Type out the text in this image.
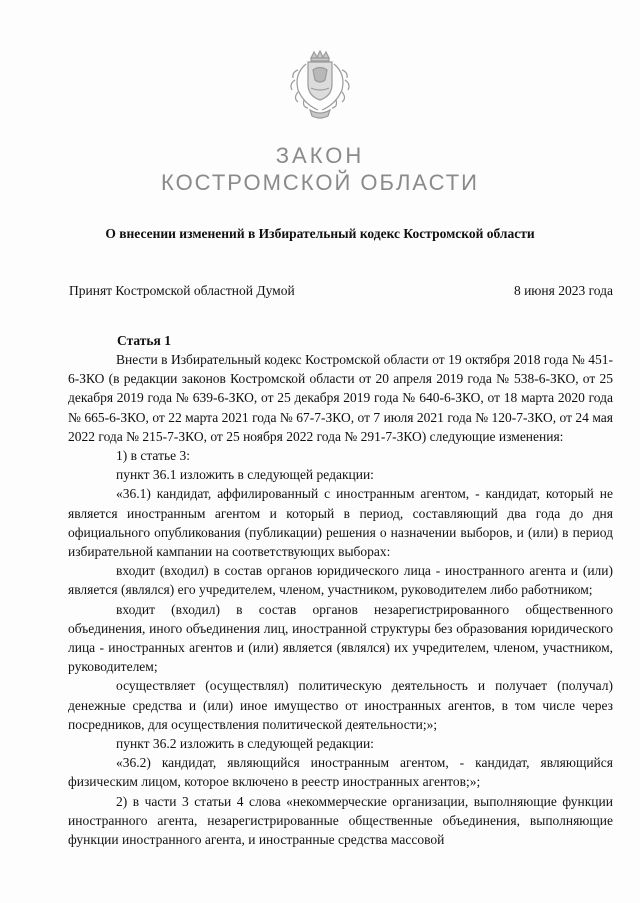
ЗАКОН
КОСТРОМСКОЙ ОБЛАСТИ
О внесении изменений в Избирательный кодекс Костромской области
Принят Костромской областной Думой	8 июня 2023 года
Статья 1

Внести в Избирательный кодекс Костромской области от 19 октября 2018 года № 451-6-ЗКО (в редакции законов Костромской области от 20 апреля 2019 года № 538-6-ЗКО, от 25 декабря 2019 года № 639-6-ЗКО, от 25 декабря 2019 года № 640-6-ЗКО, от 18 марта 2020 года № 665-6-ЗКО, от 22 марта 2021 года № 67-7-ЗКО, от 7 июля 2021 года № 120-7-ЗКО, от 24 мая 2022 года № 215-7-ЗКО, от 25 ноября 2022 года № 291-7-ЗКО) следующие изменения:

1) в статье 3:

пункт 36.1 изложить в следующей редакции:

«36.1) кандидат, аффилированный с иностранным агентом, - кандидат, который не является иностранным агентом и который в период, составляющий два года до дня официального опубликования (публикации) решения о назначении выборов, и (или) в период избирательной кампании на соответствующих выборах:

входит (входил) в состав органов юридического лица - иностранного агента и (или) является (являлся) его учредителем, членом, участником, руководителем либо работником;

входит (входил) в состав органов незарегистрированного общественного объединения, иного объединения лиц, иностранной структуры без образования юридического лица - иностранных агентов и (или) является (являлся) их учредителем, членом, участником, руководителем;

осуществляет (осуществлял) политическую деятельность и получает (получал) денежные средства и (или) иное имущество от иностранных агентов, в том числе через посредников, для осуществления политической деятельности;»;

пункт 36.2 изложить в следующей редакции:

«36.2) кандидат, являющийся иностранным агентом, - кандидат, являющийся физическим лицом, которое включено в реестр иностранных агентов;»;

2) в части 3 статьи 4 слова «некоммерческие организации, выполняющие функции иностранного агента, незарегистрированные общественные объединения, выполняющие функции иностранного агента, и иностранные средства массовой
